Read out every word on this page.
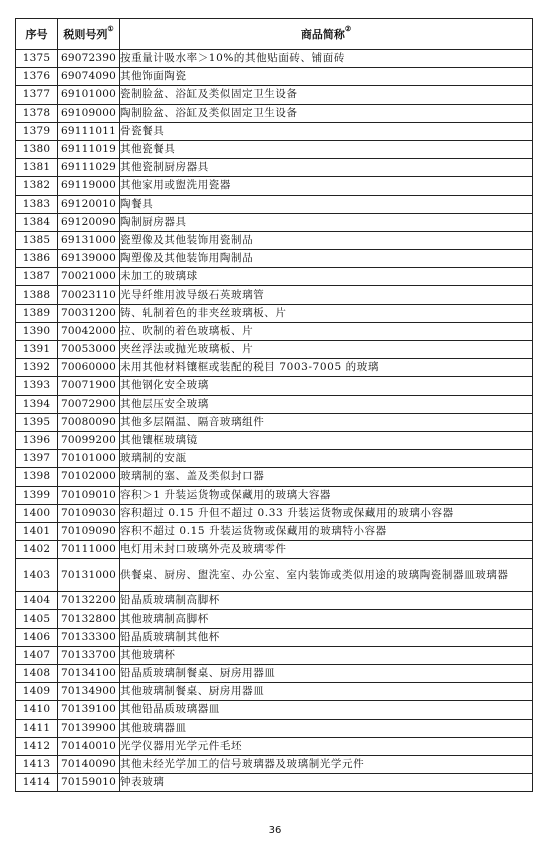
序号	税则号列①	商品简称②
1375	69072390	按重量计吸水率＞10%的其他贴面砖、铺面砖
1376	69074090	其他饰面陶瓷
1377	69101000	瓷制脸盆、浴缸及类似固定卫生设备
1378	69109000	陶制脸盆、浴缸及类似固定卫生设备
1379	69111011	骨瓷餐具
1380	69111019	其他瓷餐具
1381	69111029	其他瓷制厨房器具
1382	69119000	其他家用或盥洗用瓷器
1383	69120010	陶餐具
1384	69120090	陶制厨房器具
1385	69131000	瓷塑像及其他装饰用瓷制品
1386	69139000	陶塑像及其他装饰用陶制品
1387	70021000	未加工的玻璃球
1388	70023110	光导纤维用波导级石英玻璃管
1389	70031200	铸、轧制着色的非夹丝玻璃板、片
1390	70042000	拉、吹制的着色玻璃板、片
1391	70053000	夹丝浮法或抛光玻璃板、片
1392	70060000	未用其他材料镶框或装配的税目 7003-7005 的玻璃
1393	70071900	其他钢化安全玻璃
1394	70072900	其他层压安全玻璃
1395	70080090	其他多层隔温、隔音玻璃组件
1396	70099200	其他镶框玻璃镜
1397	70101000	玻璃制的安瓿
1398	70102000	玻璃制的塞、盖及类似封口器
1399	70109010	容积＞1 升装运货物或保藏用的玻璃大容器
1400	70109030	容积超过 0.15 升但不超过 0.33 升装运货物或保藏用的玻璃小容器
1401	70109090	容积不超过 0.15 升装运货物或保藏用的玻璃特小容器
1402	70111000	电灯用未封口玻璃外壳及玻璃零件
1403	70131000	供餐桌、厨房、盥洗室、办公室、室内装饰或类似用途的玻璃陶瓷制器皿玻璃器
1404	70132200	铅晶质玻璃制高脚杯
1405	70132800	其他玻璃制高脚杯
1406	70133300	铅晶质玻璃制其他杯
1407	70133700	其他玻璃杯
1408	70134100	铅晶质玻璃制餐桌、厨房用器皿
1409	70134900	其他玻璃制餐桌、厨房用器皿
1410	70139100	其他铅晶质玻璃器皿
1411	70139900	其他玻璃器皿
1412	70140010	光学仪器用光学元件毛坯
1413	70140090	其他未经光学加工的信号玻璃器及玻璃制光学元件
1414	70159010	钟表玻璃
36
